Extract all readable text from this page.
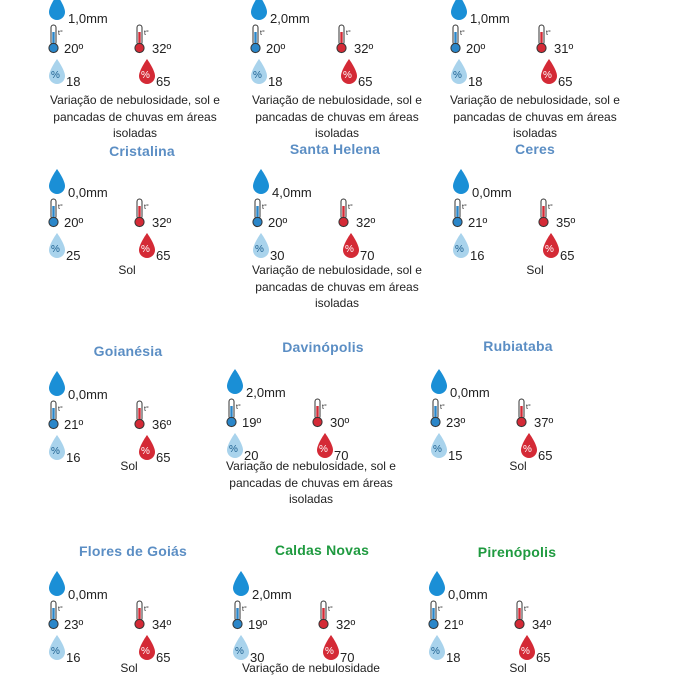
1,0mm
t°
20º
t°
32º
% 18	% 65
Variação de nebulosidade, sol e pancadas de chuvas em áreas isoladas
2,0mm
t°
20º
t°
32º
% 18	% 65
Variação de nebulosidade, sol e pancadas de chuvas em áreas isoladas
1,0mm
t°
20º
t°
31º
% 18	% 65
Variação de nebulosidade, sol e pancadas de chuvas em áreas isoladas
Cristalina
0,0mm
t°
20º
t°
32º
% 25	% 65
Sol
Santa Helena
4,0mm
t°
20º
t°
32º
% 30	% 70
Variação de nebulosidade, sol e pancadas de chuvas em áreas isoladas
Ceres
0,0mm
t°
21º
t°
35º
% 16	% 65
Sol
Goianésia
0,0mm
t°
21º
t°
36º
% 16	% 65
Sol
Davinópolis
2,0mm
t°
19º
t°
30º
% 20	% 70
Variação de nebulosidade, sol e pancadas de chuvas em áreas isoladas
Rubiataba
0,0mm
t°
23º
t°
37º
% 15	% 65
Sol
Flores de Goiás
0,0mm
t°
23º
t°
34º
% 16	% 65
Sol
Caldas Novas
2,0mm
t°
19º
t°
32º
% 30	% 70
Variação de nebulosidade
Pirenópolis
0,0mm
t°
21º
t°
34º
% 18	% 65
Sol
